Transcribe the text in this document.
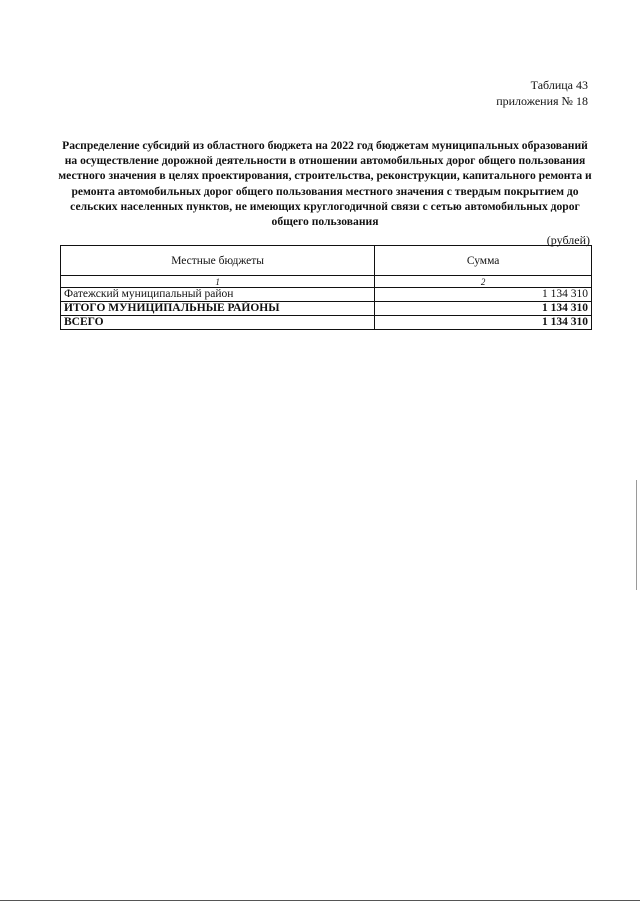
Таблица 43
приложения № 18
Распределение субсидий из областного бюджета на 2022 год бюджетам муниципальных образований на осуществление дорожной деятельности в отношении автомобильных дорог общего пользования местного значения в целях проектирования, строительства, реконструкции, капитального ремонта и ремонта автомобильных дорог общего пользования местного значения с твердым покрытием до сельских населенных пунктов, не имеющих круглогодичной связи с сетью автомобильных дорог общего пользования
(рублей)
Местные бюджеты	Сумма
1	2
Фатежский муниципальный район	1 134 310
ИТОГО МУНИЦИПАЛЬНЫЕ РАЙОНЫ	1 134 310
ВСЕГО	1 134 310
